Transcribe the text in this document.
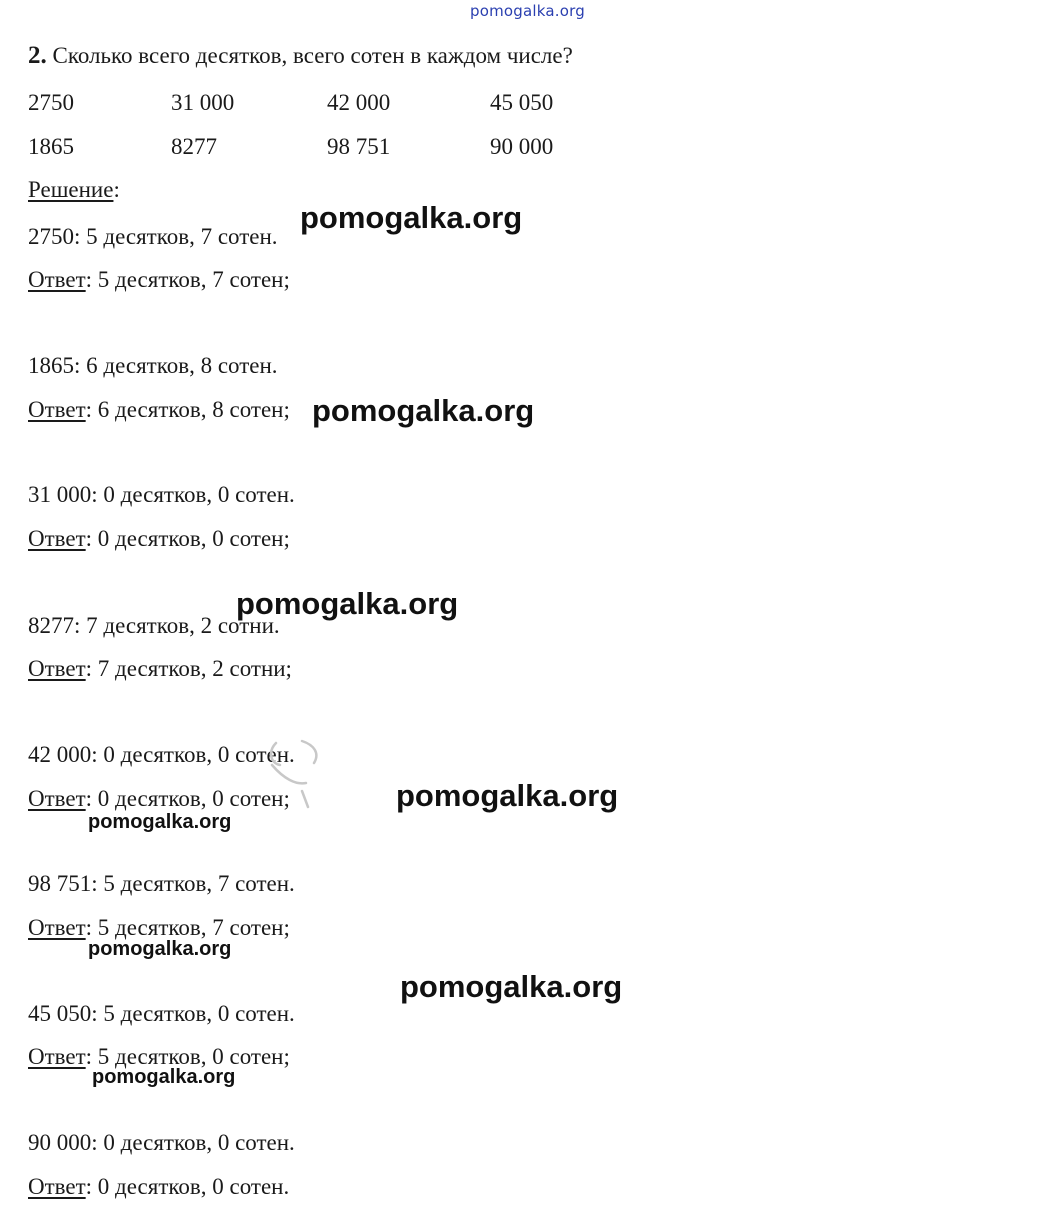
pomogalka.org
2. Сколько всего десятков, всего сотен в каждом числе?
2750	31 000	42 000	45 050
1865	8277	98 751	90 000
Решение:
2750: 5 десятков, 7 сотен.
Ответ: 5 десятков, 7 сотен;
1865: 6 десятков, 8 сотен.
Ответ: 6 десятков, 8 сотен;
31 000: 0 десятков, 0 сотен.
Ответ: 0 десятков, 0 сотен;
8277: 7 десятков, 2 сотни.
Ответ: 7 десятков, 2 сотни;
42 000: 0 десятков, 0 сотен.
Ответ: 0 десятков, 0 сотен;
98 751: 5 десятков, 7 сотен.
Ответ: 5 десятков, 7 сотен;
45 050: 5 десятков, 0 сотен.
Ответ: 5 десятков, 0 сотен;
90 000: 0 десятков, 0 сотен.
Ответ: 0 десятков, 0 сотен.
pomogalka.org
pomogalka.org
pomogalka.org
pomogalka.org
pomogalka.org
pomogalka.org
pomogalka.org
pomogalka.org
